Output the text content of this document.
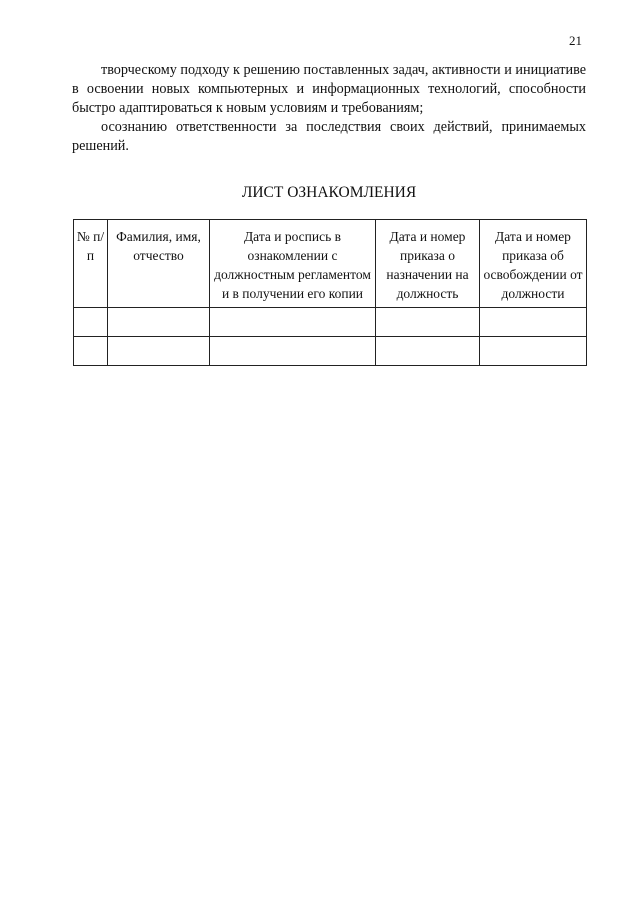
21

творческому подходу к решению поставленных задач, активности и инициативе в освоении новых компьютерных и информационных технологий, способности быстро адаптироваться к новым условиям и требованиям;

осознанию ответственности за последствия своих действий, принимаемых решений.

ЛИСТ ОЗНАКОМЛЕНИЯ
№ п/п	Фамилия, имя, отчество	Дата и роспись в ознакомлении с должностным регламентом и в получении его копии	Дата и номер приказа о назначении на должность	Дата и номер приказа об освобождении от должности
